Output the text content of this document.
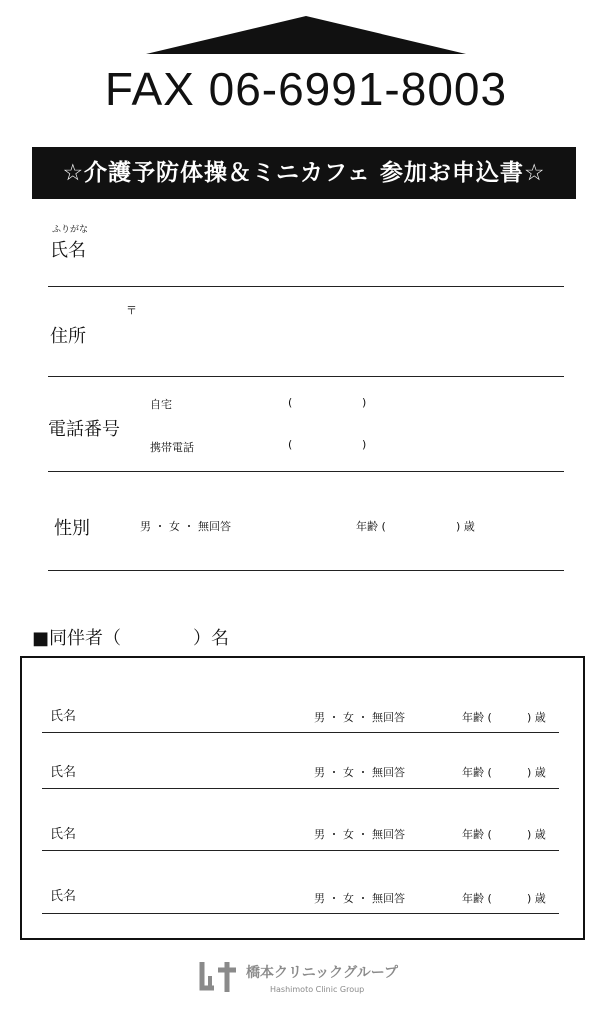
FAX 06-6991-8003
☆介護予防体操＆ミニカフェ 参加お申込書☆
ふりがな
氏名
〒
住所
電話番号
自宅	(	)
携帯電話	(	)
性別	男 ・ 女 ・ 無回答	年齢 (	) 歳
■同伴者（　　　　）名
氏名	男 ・ 女 ・ 無回答	年齢 (	) 歳
氏名	男 ・ 女 ・ 無回答	年齢 (	) 歳
氏名	男 ・ 女 ・ 無回答	年齢 (	) 歳
氏名	男 ・ 女 ・ 無回答	年齢 (	) 歳
橋本クリニックグループ
Hashimoto Clinic Group
